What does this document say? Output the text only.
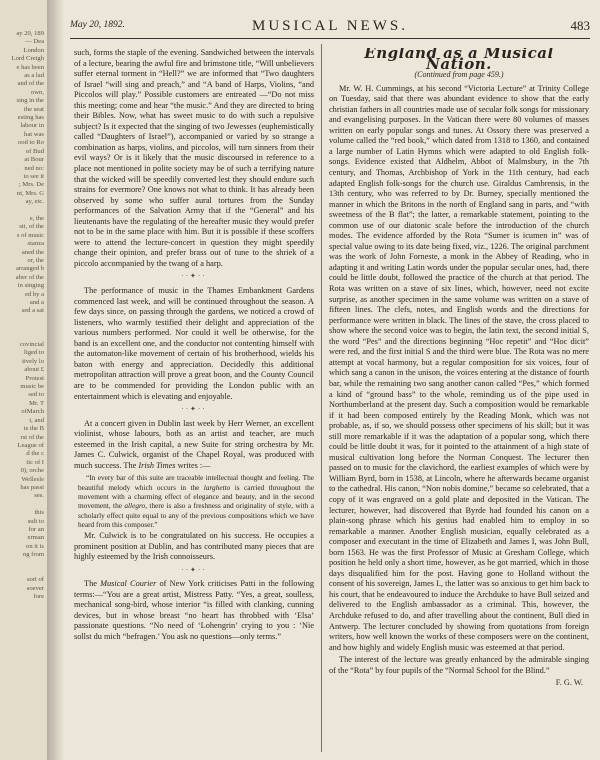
ay 20, 189
— Dea
London
Lord Creigh
e has been
as a lad
and of the
own,
sing in the
the seat
esting has
labour in
hat was
ood to Ro
of Bud
at Bour
ned no:
to see it
; Mrs. De
nt, Mrs. G
ay, etc.

e, the
sti, of the
s of music
stanza
aned the
or, the
arranged b
aber of the
in singing
ed by a
and a
sed a sat

covincial
liged to
tively lo
about £
Protest
music be
sed to
Mr. T
ofMarch
t, and
ts the B
rst of the
League of
d the c
tic of I
0), orche
Wellesle
has passi
ses.

this
sult to
for an
erman
on it is
ng from

sort of
soever
fore
May 20, 1892.	MUSICAL NEWS.	483

such, forms the staple of the evening. Sandwiched between the intervals of a lecture, bearing the awful fire and brimstone title, “Will unbelievers suffer eternal torment in “Hell?” we are informed that “Two daughters of Israel “will sing and preach,” and “A band of Harps, Violins, “and Piccolos will play.” Possible customers are entreated —“Do not miss this meeting; come and hear “the music.” And they are directed to bring their Bibles. Now, what has sweet music to do with such a repulsive subject? Is it expected that the singing of two Jewesses (euphemistically called “Daughters of Israel”), accompanied or varied by so strange a combination as harps, violins, and piccolos, will turn sinners from their evil ways? Or is it likely that the music discoursed in reference to a place not mentioned in polite society may be of such a terrifying nature that the wicked will be speedily converted lest they should endure such strains for evermore? One knows not what to think. It has already been observed by some who suffer aural tortures from the Sunday performances of the Salvation Army that if the “General” and his lieutenants have the regulating of the hereafter music they would prefer not to be in the same place with him. But it is possible if these scoffers were to attend the lecture-concert in question they might speedily change their opinion, and prefer brass out of tune to the shriek of a piccolo accompanied by the twang of a harp.

··✦··

The performance of music in the Thames Embankment Gardens commenced last week, and will be continued throughout the season. A few days since, on passing through the gardens, we noticed a crowd of listeners, who warmly testified their delight and appreciation of the various numbers performed. Nor could it well be otherwise, for the band is an excellent one, and the conductor not contenting himself with the automaton-like movement of certain of his brotherhood, wields his baton with energy and appreciation. Decidedly this additional metropolitan attraction will prove a great boon, and the County Council are to be commended for providing the London public with an entertainment which is elevating and enjoyable.

··✦··

At a concert given in Dublin last week by Herr Werner, an excellent violinist, whose labours, both as an artist and teacher, are much esteemed in the Irish capital, a new Suite for string orchestra by Mr. James C. Culwick, organist of the Chapel Royal, was produced with much success. The Irish Times writes :—

“In every bar of this suite are traceable intellectual thought and feeling. The beautiful melody which occurs in the larghetto is carried throughout the movement with a charming effect of elegance and beauty, and in the second movement, the allegro, there is also a freshness and originality of style, with a scholarly effect quite equal to any of the previous compositions which we have heard from this composer.”

Mr. Culwick is to be congratulated on his success. He occupies a prominent position at Dublin, and has contributed many pieces that are highly esteemed by the Irish connoisseurs.

··✦··

The Musical Courier of New York criticises Patti in the following terms:—“You are a great artist, Mistress Patty. “Yes, a great, soulless, mechanical song-bird, whose interior “is filled with clanking, cunning devices, but in whose breast “no heart has throbbed with ‘Elsa’ passionate questions. “No need of ‘Lohengrin’ crying to you : ‘Nie sollst du mich “befragen.’ You ask no questions—only terms.”

England as a Musical Nation.
(Continued from page 459.)

Mr. W. H. Cummings, at his second “Victoria Lecture” at Trinity College on Tuesday, said that there was abundant evidence to show that the early christian fathers in all countries made use of secular folk songs for missionary and evangelising purposes. In the Vatican there were 80 volumes of masses written on early popular songs and tunes. At Ossory there was preserved a volume called the “red book,” which dated from 1318 to 1360, and contained a large number of Latin Hymns which were adapted to old English folk-songs. Evidence existed that Aldhelm, Abbot of Malmsbury, in the 7th century, and Thomas, Archbishop of York in the 11th century, had each adapted English folk-songs for the church use. Giraldus Cambrensis, in the 13th century, who was referred to by Dr. Burney, specially mentioned the manner in which the Britons in the north of England sang in parts, and “with sweetness of the B flat”; the latter, a remarkable statement, pointing to the common use of our diatonic scale before the introduction of the church modes. The evidence afforded by the Rota “Sumer is icumen in” was of special value owing to its date being fixed, viz., 1226. The original parchment was the work of John Forneste, a monk in the Abbey of Reading, who in adapting it and writing Latin words under the popular secular ones, had, there could be little doubt, followed the practice of the church at that period. The Rota was written on a stave of six lines, which, however, need not excite surprise, as another specimen in the same volume was written on a stave of fifteen lines. The clefs, notes, and English words and the directions for performance were written in black. The lines of the stave, the cross placed to show where the second voice was to begin, the latin text, the second initial S, the word “Pes” and the directions beginning “Hoc repetit” and “Hoc dicit” were red, and the first initial S and the third were blue. The Rota was no mere attempt at vocal harmony, but a regular composition for six voices, four of which sang a canon in the unison, the voices entering at the distance of fourth bar, while the remaining two sang another canon called “Pes,” which formed a kind of “ground bass” to the whole, reminding us of the pipe used in Northumberland at the present day. Such a composition would be remarkable if it had been composed entirely by the Reading Monk, which was not probable, as, if so, we should possess other specimens of his skill; but it was still more remarkable if it was the adaptation of a popular song, which there could be little doubt it was, for it pointed to the attainment of a high state of musical cultivation long before the Norman Conquest. The lecturer then passed on to music for the clavichord, the earliest examples of which were by William Byrd, born in 1538, at Lincoln, where he afterwards became organist to the cathedral. His canon, “Non nobis domine,” became so celebrated, that a copy of it was engraved on a gold plate and deposited in the Vatican. The lecturer, however, had discovered that Byrde had founded his canon on a plain-song phrase which his genius had enabled him to employ in so remarkable a manner. Another English musician, equally celebrated as a composer and executant in the time of Elizabeth and James I, was John Bull, born 1563. He was the first Professor of Music at Gresham College, which position he held only a short time, however, as he got married, which in those days disqualified him for the post. Having gone to Holland without the consent of his sovereign, James I., the latter was so anxious to get him back to his court, that he endeavoured to induce the Archduke to have Bull seized and delivered to the English ambassador as a criminal. This, however, the Archduke refused to do, and after travelling about the continent, Bull died in Antwerp. The lecturer concluded by showing from quotations from foreign writers, how well known the works of these composers were on the continent, and how highly and widely English music was esteemed at that period.

The interest of the lecture was greatly enhanced by the admirable singing of the “Rota” by four pupils of the “Normal School for the Blind.”

F. G. W.
